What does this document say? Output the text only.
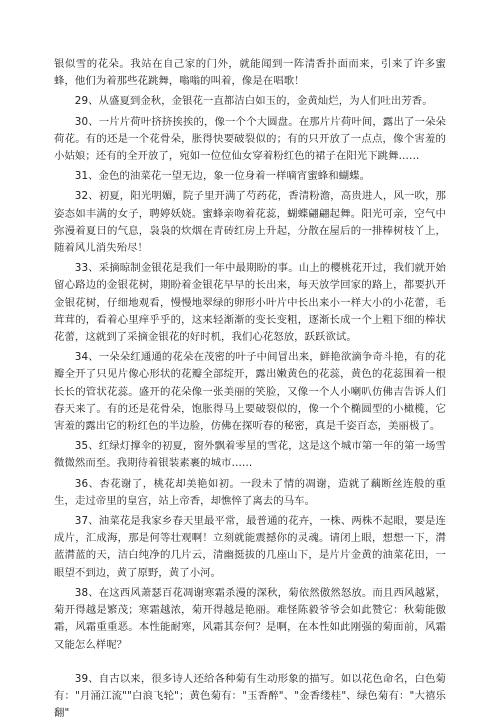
银似雪的花朵。我站在自己家的门外，就能闻到一阵清香扑面而来，引来了许多蜜蜂，他们为着那些花跳舞，嗡嗡的叫着，像是在唱歌！

29、从盛夏到金秋，金银花一直都洁白如玉的，金黄灿烂，为人们吐出芳香。

30、一片片荷叶挤挤挨挨的，像一个个大圆盘。在那片片荷叶间，露出了一朵朵荷花。有的还是一个花骨朵，胀得快要破裂似的；有的只开放了一点点，像个害羞的小姑娘；还有的全开放了，宛如一位位仙女穿着粉红色的裙子在阳光下跳舞……

31、金色的油菜花一望无边，象一位身着一样嘀宵蜜蜂和蝴蝶。

32、初夏，阳光明媚，院子里开满了芍药花，香清粉澹，高贵进人，风一吹，那姿态如丰满的女子，聘婷妖娆。蜜蜂亲吻着花蕊，蝴蝶翩翩起舞。阳光可亲，空气中弥漫着夏日的气息，袅袅的炊烟在青砖红房上升起，分散在屋后的一排棒树枝丫上，随着风儿消失殆尽！

33、采摘晾制金银花是我们一年中最期盼的事。山上的樱桃花开过，我们就开始留心路边的金银花树，期盼着金银花早早的长出来，每天放学回家的路上，都要扒开金银花树，仔细地观看，慢慢地翠绿的卵形小叶片中长出来小一样大小的小花蕾，毛茸茸的，看着心里痒乎乎的，这来轻渐渐的变长变粗，逐渐长成一个上粗下细的棒状花蕾，这就到了采摘金银花的好时机，我们心花怒放，跃跃欲试。

34、一朵朵红通通的花朵在茂密的叶子中间冒出来，鲜艳欲滴争奇斗艳，有的花瓣全开了只见片像心形状的花瓣全部绽开，露出嫩黄色的花蕊，黄色的花蕊围着一根长长的管状花蕊。盛开的花朵像一张美丽的笑脸，又像一个人小喇叭仿佛吉告诉人们春天来了。有的还是花骨朵，饱胀得马上要破裂似的，像一个个椭圆型的小橄榄，它害羞的露出它的粉红色的半边脸，仿佛在探听春的秘密，真是千姿百态，美丽极了。

35、红绿灯撑伞的初夏，窗外飘着零星的雪花，这是这个城市第一年的第一场雪微微然而至。我期待着银装素裹的城市……

36、杏花谢了，桃花却美艳如初。一段未了情的凋谢，造就了藕断丝连般的重生，走过帝里的皇宫，站上帝香，却憔悴了离去的马车。

37、油菜花是我家乡春天里最平常，最普通的花卉，一株、两株不起眼，要是连成片，汇成海，那是何等壮观啊！立刻就能震撼你的灵魂。请闭上眼，想想一下，潸蓝潸蓝的天，洁白纯净的几片云，清幽挺拔的几座山下，是片片金黄的油菜花田，一眼望不到边，黄了原野，黄了小河。

38、在这西风萧瑟百花凋谢寒霜杀漫的深秋，菊依然傲然怒放。而且西风越紧，菊开得越是繁茂；寒霜越浓，菊开得越是艳丽。难怪陈毅爷爷会如此赞它：秋菊能傲霜，风霜重重恶。本性能耐寒，风霜其奈何？是啊，在本性如此刚强的菊面前，风霜又能怎么样呢？

39、自古以来，很多诗人还给各种菊有生动形象的描写。如以花色命名，白色菊有："月涌江流""白浪飞轮"；黄色菊有："玉香醉"、"金香缕桂"、绿色菊有："大禧乐翻"
